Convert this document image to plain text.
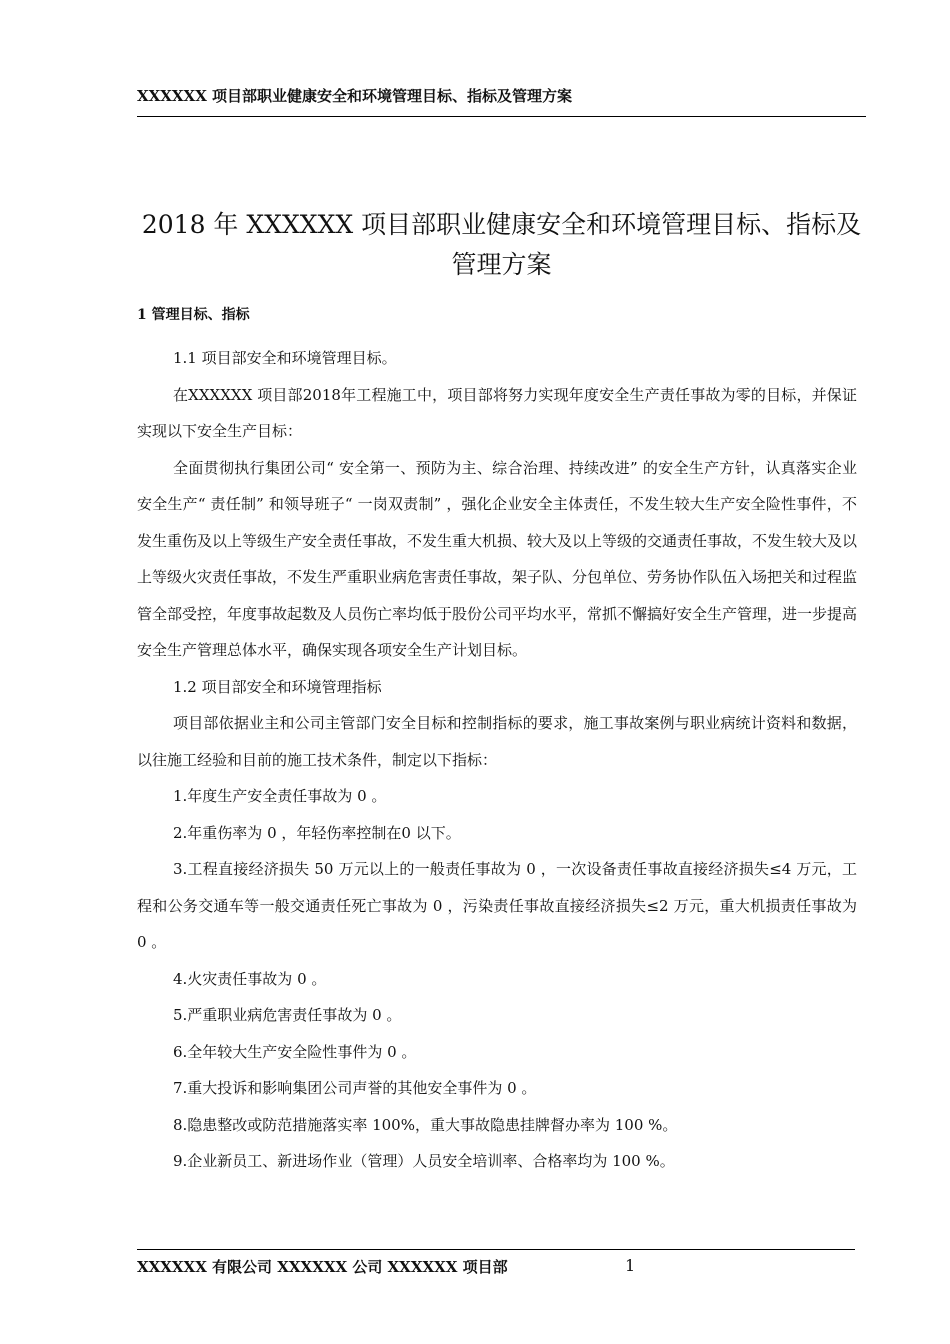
XXXXXX 项目部职业健康安全和环境管理目标、指标及管理方案
2018 年 XXXXXX 项目部职业健康安全和环境管理目标、指标及管理方案
1 管理目标、指标

1.1 项目部安全和环境管理目标。

在XXXXXX 项目部2018年工程施工中，项目部将努力实现年度安全生产责任事故为零的目标，并保证实现以下安全生产目标：

全面贯彻执行集团公司“ 安全第一、预防为主、综合治理、持续改进” 的安全生产方针，认真落实企业安全生产“ 责任制” 和领导班子“ 一岗双责制” ，强化企业安全主体责任，不发生较大生产安全险性事件，不发生重伤及以上等级生产安全责任事故，不发生重大机损、较大及以上等级的交通责任事故，不发生较大及以上等级火灾责任事故，不发生严重职业病危害责任事故，架子队、分包单位、劳务协作队伍入场把关和过程监管全部受控，年度事故起数及人员伤亡率均低于股份公司平均水平，常抓不懈搞好安全生产管理，进一步提高安全生产管理总体水平，确保实现各项安全生产计划目标。

1.2 项目部安全和环境管理指标

项目部依据业主和公司主管部门安全目标和控制指标的要求，施工事故案例与职业病统计资料和数据，以往施工经验和目前的施工技术条件，制定以下指标：

1.年度生产安全责任事故为 0 。

2.年重伤率为 0 ，年轻伤率控制在0 以下。

3.工程直接经济损失 50 万元以上的一般责任事故为 0 ，一次设备责任事故直接经济损失≤4 万元，工程和公务交通车等一般交通责任死亡事故为 0 ，污染责任事故直接经济损失≤2 万元，重大机损责任事故为 0 。

4.火灾责任事故为 0 。

5.严重职业病危害责任事故为 0 。

6.全年较大生产安全险性事件为 0 。

7.重大投诉和影响集团公司声誉的其他安全事件为 0 。

8.隐患整改或防范措施落实率 100%，重大事故隐患挂牌督办率为 100 %。

9.企业新员工、新进场作业（管理）人员安全培训率、合格率均为 100 %。

XXXXXX 有限公司 XXXXXX 公司 XXXXXX 项目部	1
